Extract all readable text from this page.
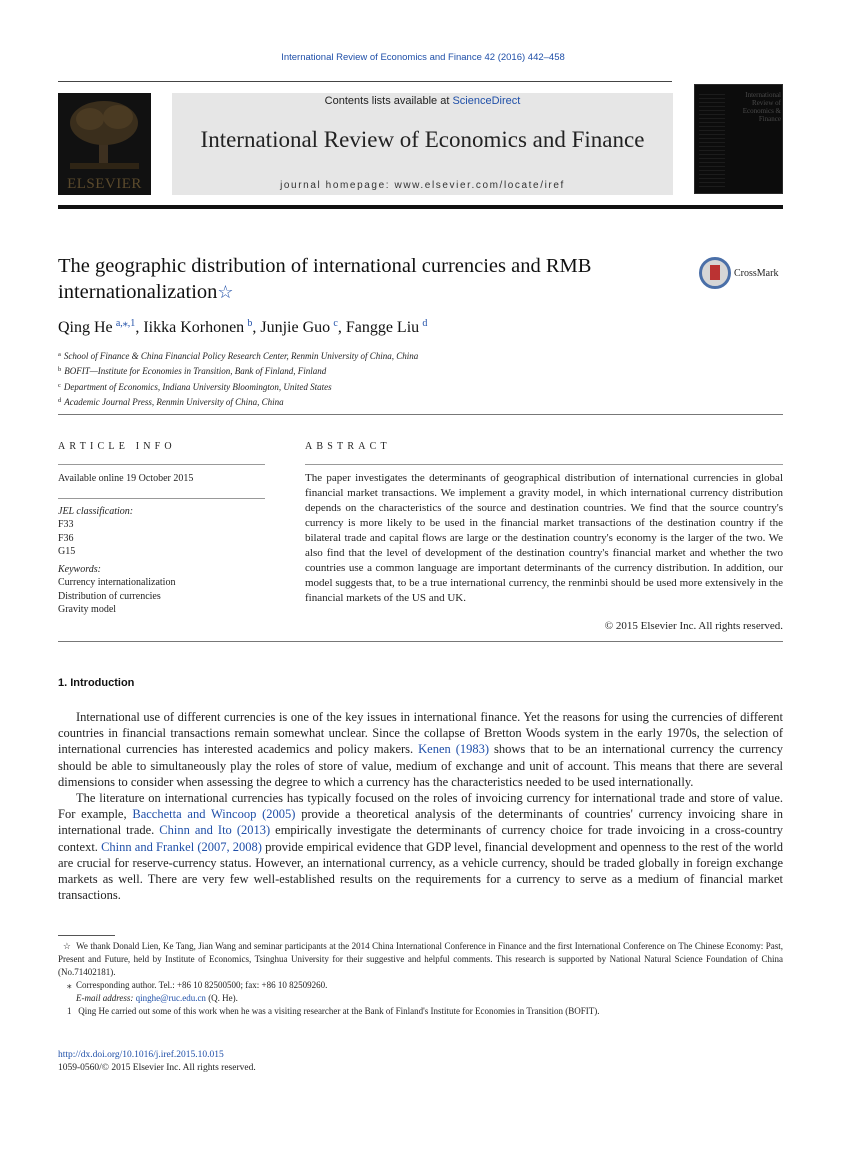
International Review of Economics and Finance 42 (2016) 442–458
ELSEVIER
Contents lists available at ScienceDirect
International Review of Economics and Finance
journal homepage: www.elsevier.com/locate/iref
International Review of Economics & Finance
The geographic distribution of international currencies and RMB internationalization☆
CrossMark
Qing He  $^{a,⁎,1}$, Iikka Korhonen  $^b$, Junjie Guo  $^c$, Fangge Liu  $^d$
$^a$ School of Finance & China Financial Policy Research Center, Renmin University of China, China
$^b$ BOFIT—Institute for Economies in Transition, Bank of Finland, Finland
$^c$ Department of Economics, Indiana University Bloomington, United States
$^d$ Academic Journal Press, Renmin University of China, China
ARTICLE INFO	ABSTRACT
Available online 19 October 2015
JEL classification:
F33
F36
G15
Keywords:
Currency internationalization
Distribution of currencies
Gravity model
The paper investigates the determinants of geographical distribution of international currencies in global financial market transactions. We implement a gravity model, in which international currency distribution depends on the characteristics of the source and destination countries. We find that the source country's currency is more likely to be used in the financial market transactions of the destination country if the bilateral trade and capital flows are large or the destination country's economy is the larger of the two. We also find that the level of development of the destination country's financial market and whether the two countries use a common language are important determinants of the currency distribution. In addition, our model suggests that, to be a true international currency, the renminbi should be used more extensively in the financial markets of the US and UK.
© 2015 Elsevier Inc. All rights reserved.
1. Introduction

International use of different currencies is one of the key issues in international finance. Yet the reasons for using the currencies of different countries in financial transactions remain somewhat unclear. Since the collapse of Bretton Woods system in the early 1970s, the selection of international currencies has interested academics and policy makers. Kenen (1983) shows that to be an international currency the currency should be able to simultaneously play the roles of store of value, medium of exchange and unit of account. This means that there are several dimensions to consider when assessing the degree to which a currency has the characteristics needed to be used internationally.

The literature on international currencies has typically focused on the roles of invoicing currency for international trade and store of value. For example, Bacchetta and Wincoop (2005) provide a theoretical analysis of the determinants of countries' currency invoicing share in international trade. Chinn and Ito (2013) empirically investigate the determinants of currency choice for trade invoicing in a cross-country context. Chinn and Frankel (2007, 2008) provide empirical evidence that GDP level, financial development and openness to the rest of the world are crucial for reserve-currency status. However, an international currency, as a vehicle currency, should be traded globally in foreign exchange markets as well. There are very few well-established results on the requirements for a currency to serve as a medium of financial market transactions.

☆ We thank Donald Lien, Ke Tang, Jian Wang and seminar participants at the 2014 China International Conference in Finance and the first International Conference on The Chinese Economy: Past, Present and Future, held by Institute of Economics, Tsinghua University for their suggestive and helpful comments. This research is supported by National Natural Science Foundation of China (No.71402181).
⁎ Corresponding author. Tel.: +86 10 82500500; fax: +86 10 82509260.
E-mail address: qinghe@ruc.edu.cn (Q. He).
1 Qing He carried out some of this work when he was a visiting researcher at the Bank of Finland's Institute for Economies in Transition (BOFIT).
http://dx.doi.org/10.1016/j.iref.2015.10.015
1059-0560/© 2015 Elsevier Inc. All rights reserved.
